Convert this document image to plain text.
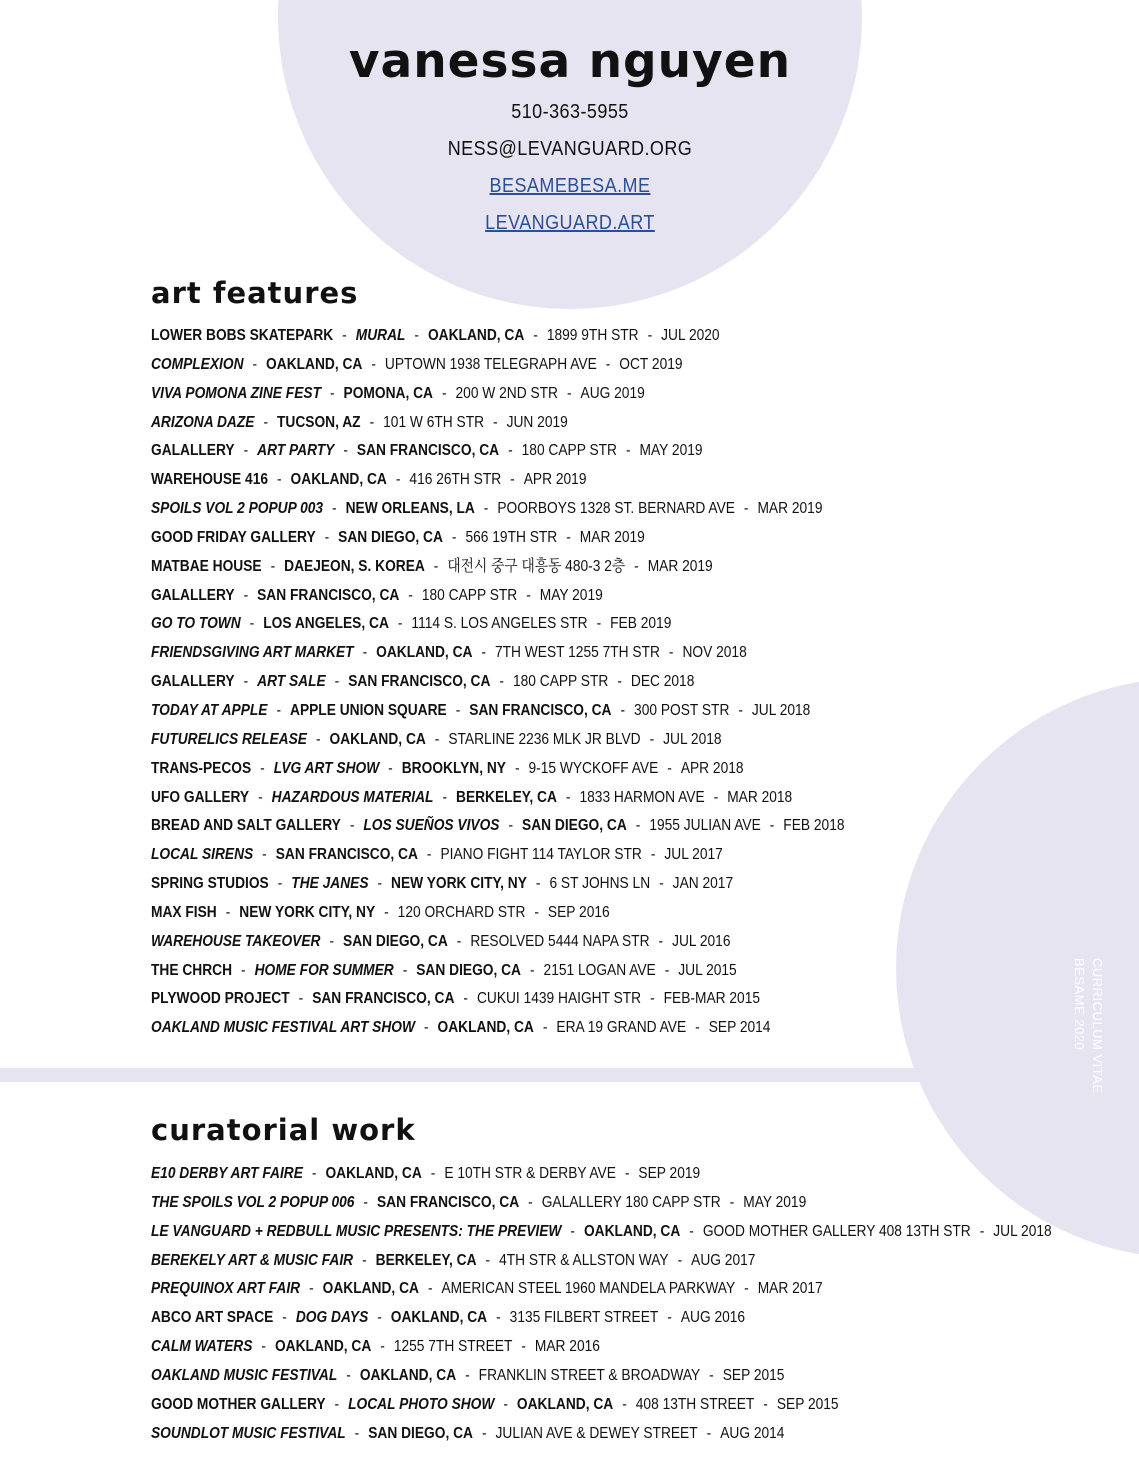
vanessa nguyen
510-363-5955
NESS@LEVANGUARD.ORG
BESAMEBESA.ME
LEVANGUARD.ART
art features
LOWER BOBS SKATEPARK - MURAL - OAKLAND, CA - 1899 9TH STR - JUL 2020
COMPLEXION - OAKLAND, CA - UPTOWN 1938 TELEGRAPH AVE - OCT 2019
VIVA POMONA ZINE FEST - POMONA, CA - 200 W 2ND STR - AUG 2019
ARIZONA DAZE - TUCSON, AZ - 101 W 6TH STR - JUN 2019
GALALLERY - ART PARTY - SAN FRANCISCO, CA - 180 CAPP STR - MAY 2019
WAREHOUSE 416 - OAKLAND, CA - 416 26TH STR - APR 2019
SPOILS VOL 2 POPUP 003 - NEW ORLEANS, LA - POORBOYS 1328 ST. BERNARD AVE - MAR 2019
GOOD FRIDAY GALLERY - SAN DIEGO, CA - 566 19TH STR - MAR 2019
MATBAE HOUSE - DAEJEON, S. KOREA - 대전시 중구 대흥동 480-3 2층 - MAR 2019
GALALLERY - SAN FRANCISCO, CA - 180 CAPP STR - MAY 2019
GO TO TOWN - LOS ANGELES, CA - 1114 S. LOS ANGELES STR - FEB 2019
FRIENDSGIVING ART MARKET - OAKLAND, CA - 7TH WEST 1255 7TH STR - NOV 2018
GALALLERY - ART SALE - SAN FRANCISCO, CA - 180 CAPP STR - DEC 2018
TODAY AT APPLE - APPLE UNION SQUARE - SAN FRANCISCO, CA - 300 POST STR - JUL 2018
FUTURELICS RELEASE - OAKLAND, CA - STARLINE 2236 MLK JR BLVD - JUL 2018
TRANS-PECOS - LVG ART SHOW - BROOKLYN, NY - 9-15 WYCKOFF AVE - APR 2018
UFO GALLERY - HAZARDOUS MATERIAL - BERKELEY, CA - 1833 HARMON AVE - MAR 2018
BREAD AND SALT GALLERY - LOS SUEÑOS VIVOS - SAN DIEGO, CA - 1955 JULIAN AVE - FEB 2018
LOCAL SIRENS - SAN FRANCISCO, CA - PIANO FIGHT 114 TAYLOR STR - JUL 2017
SPRING STUDIOS - THE JANES - NEW YORK CITY, NY - 6 ST JOHNS LN - JAN 2017
MAX FISH - NEW YORK CITY, NY - 120 ORCHARD STR - SEP 2016
WAREHOUSE TAKEOVER - SAN DIEGO, CA - RESOLVED 5444 NAPA STR - JUL 2016
THE CHRCH - HOME FOR SUMMER - SAN DIEGO, CA - 2151 LOGAN AVE - JUL 2015
PLYWOOD PROJECT - SAN FRANCISCO, CA - CUKUI 1439 HAIGHT STR - FEB-MAR 2015
OAKLAND MUSIC FESTIVAL ART SHOW - OAKLAND, CA - ERA 19 GRAND AVE - SEP 2014
curatorial work
E10 DERBY ART FAIRE - OAKLAND, CA - E 10TH STR & DERBY AVE - SEP 2019
THE SPOILS VOL 2 POPUP 006 - SAN FRANCISCO, CA - GALALLERY 180 CAPP STR - MAY 2019
LE VANGUARD + REDBULL MUSIC PRESENTS: THE PREVIEW - OAKLAND, CA - GOOD MOTHER GALLERY 408 13TH STR - JUL 2018
BEREKELY ART & MUSIC FAIR - BERKELEY, CA - 4TH STR & ALLSTON WAY - AUG 2017
PREQUINOX ART FAIR - OAKLAND, CA - AMERICAN STEEL 1960 MANDELA PARKWAY - MAR 2017
ABCO ART SPACE - DOG DAYS - OAKLAND, CA - 3135 FILBERT STREET - AUG 2016
CALM WATERS - OAKLAND, CA - 1255 7TH STREET - MAR 2016
OAKLAND MUSIC FESTIVAL - OAKLAND, CA - FRANKLIN STREET & BROADWAY - SEP 2015
GOOD MOTHER GALLERY - LOCAL PHOTO SHOW - OAKLAND, CA - 408 13TH STREET - SEP 2015
SOUNDLOT MUSIC FESTIVAL - SAN DIEGO, CA - JULIAN AVE & DEWEY STREET - AUG 2014
CURRICULUM VITAE
BESAME 2020
